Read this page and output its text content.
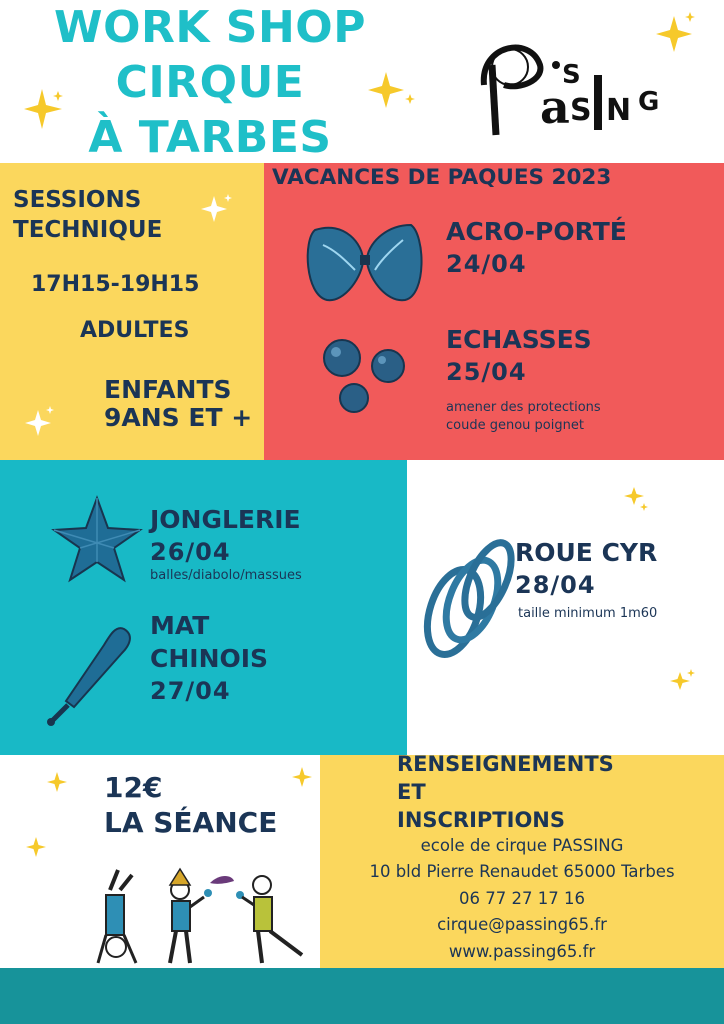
WORK SHOP
CIRQUE
À TARBES
a
S
S N G
SESSIONS
TECHNIQUE
17H15-19H15
ADULTES
ENFANTS
9ANS ET +
VACANCES DE PAQUES 2023
ACRO-PORTÉ
24/04
ECHASSES
25/04
amener des protections
coude genou poignet
JONGLERIE
26/04
balles/diabolo/massues
MAT
CHINOIS
27/04
ROUE CYR
28/04
taille minimum 1m60
12€
LA SÉANCE
RENSEIGNEMENTS
ET
INSCRIPTIONS
ecole de cirque PASSING
10 bld Pierre Renaudet 65000 Tarbes
06 77 27 17 16
cirque@passing65.fr
www.passing65.fr
